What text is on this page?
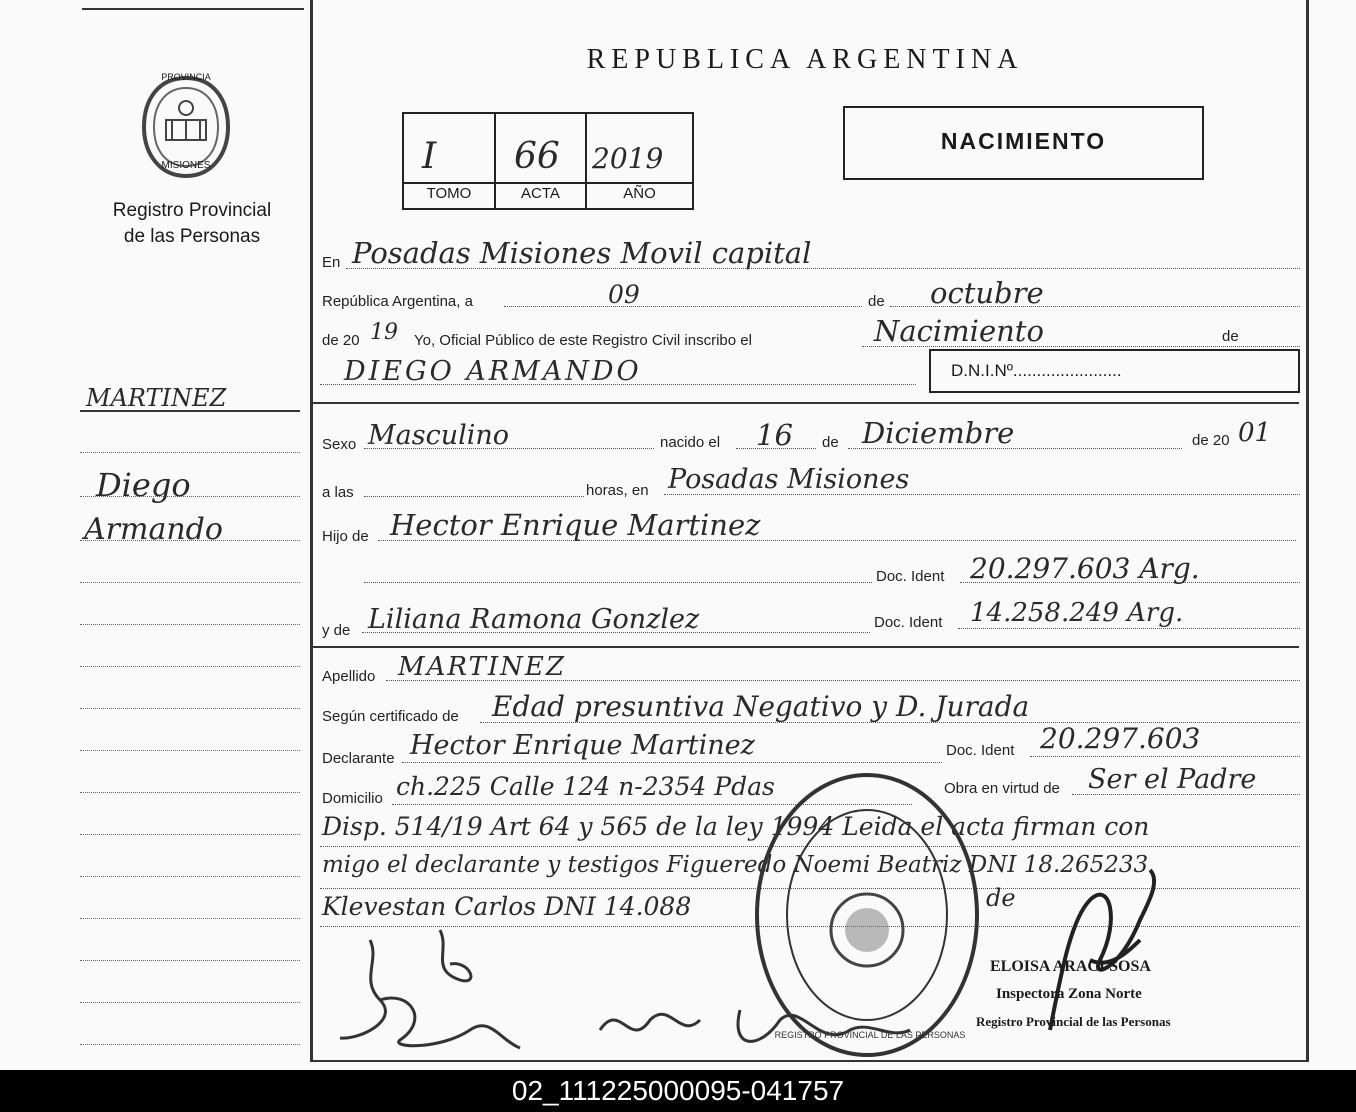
PROVINCIA
MISIONES
Registro Provincial
de las Personas
REPUBLICA ARGENTINA
I 66 2019
TOMO	ACTA	AÑO
NACIMIENTO
MARTINEZ
Diego
Armando
En Posadas Misiones Movil capital
República Argentina, a	09	de octubre
de 20 19 Yo, Oficial Público de este Registro Civil inscribo el	Nacimiento	de
DIEGO ARMANDO	D.N.I.Nº.......................
Sexo Masculino	nacido el 16 de Diciembre	de 20 01
a las	horas, en Posadas Misiones
Hijo de Hector Enrique Martinez
Doc. Ident 20.297.603 Arg.
y de Liliana Ramona Gonzlez	Doc. Ident 14.258.249 Arg.
Apellido MARTINEZ
Según certificado de Edad presuntiva Negativo y D. Jurada
Declarante Hector Enrique Martinez	Doc. Ident 20.297.603
Domicilio ch.225 Calle 124 n-2354 Pdas	Obra en virtud de Ser el Padre
Disp. 514/19 Art 64 y 565 de la ley 1994 Leida el acta firman con
migo el declarante y testigos Figueredo Noemi Beatriz DNI 18.265233
Klevestan Carlos DNI 14.088	de
REGISTRO PROVINCIAL DE LAS PERSONAS
ELOISA ARACI SOSA
Inspectora Zona Norte
Registro Provincial de las Personas
02_111225000095-041757
